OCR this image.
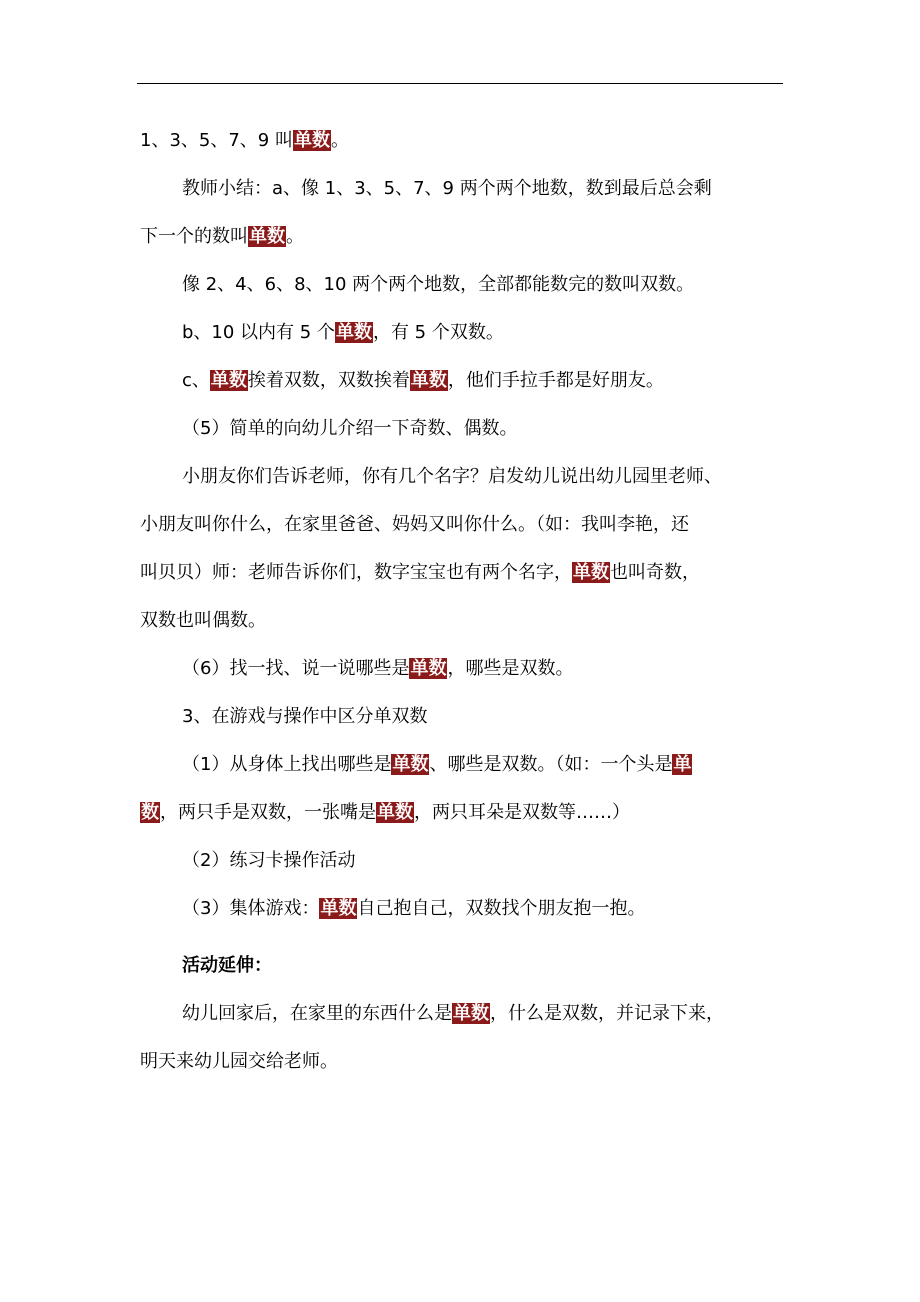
1、3、5、7、9 叫单数。

教师小结：a、像 1、3、5、7、9 两个两个地数，数到最后总会剩

下一个的数叫单数。

像 2、4、6、8、10 两个两个地数，全部都能数完的数叫双数。

b、10 以内有 5 个单数，有 5 个双数。

c、单数挨着双数，双数挨着单数，他们手拉手都是好朋友。

（5）简单的向幼儿介绍一下奇数、偶数。

小朋友你们告诉老师，你有几个名字？启发幼儿说出幼儿园里老师、

小朋友叫你什么，在家里爸爸、妈妈又叫你什么。（如：我叫李艳，还

叫贝贝）师：老师告诉你们，数字宝宝也有两个名字，单数也叫奇数，

双数也叫偶数。

（6）找一找、说一说哪些是单数，哪些是双数。

3、在游戏与操作中区分单双数

（1）从身体上找出哪些是单数、哪些是双数。（如：一个头是单

数，两只手是双数，一张嘴是单数，两只耳朵是双数等……）

（2）练习卡操作活动

（3）集体游戏：单数自己抱自己，双数找个朋友抱一抱。

活动延伸：

幼儿回家后，在家里的东西什么是单数，什么是双数，并记录下来，

明天来幼儿园交给老师。
